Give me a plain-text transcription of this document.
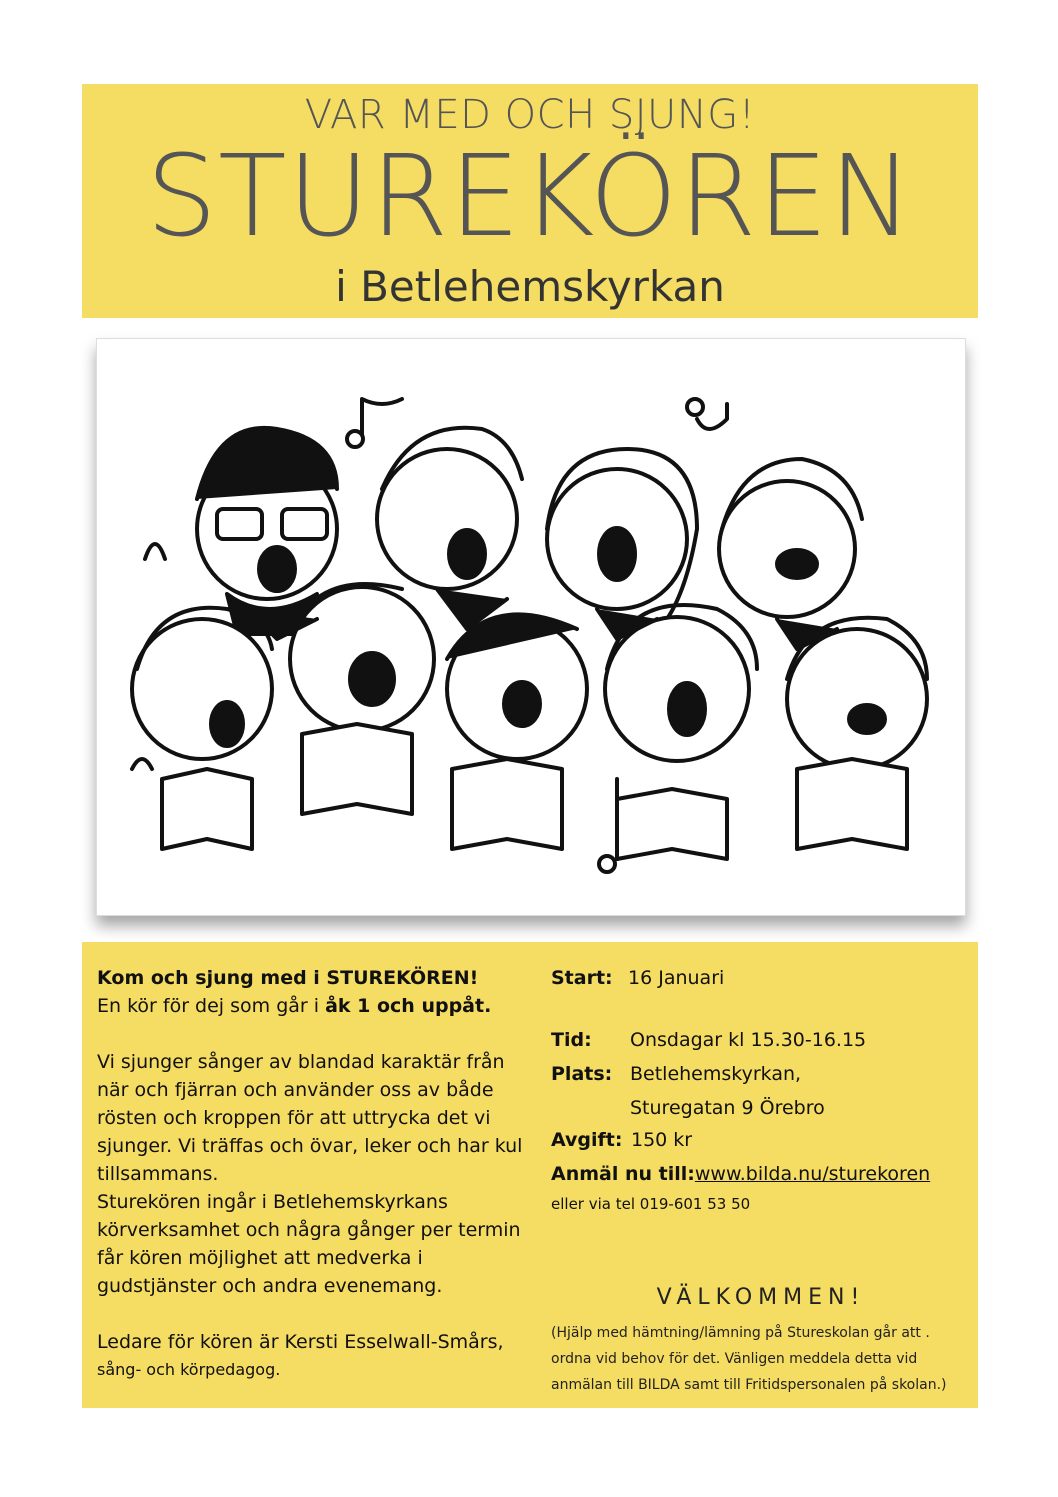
VAR MED OCH SJUNG!
STUREKÖREN
i Betlehemskyrkan

Kom och sjung med i STUREKÖREN!

En kör för dej som går i åk 1 och uppåt.

Vi sjunger sånger av blandad karaktär från när och fjärran och använder oss av både rösten och kroppen för att uttrycka det vi sjunger. Vi träffas och övar, leker och har kul tillsammans.

Sturekören ingår i Betlehemskyrkans körverksamhet och några gånger per termin får kören möjlighet att medverka i gudstjänster och andra evenemang.

Ledare för kören är Kersti Esselwall-Smårs,

sång- och körpedagog.

Start: 16 Januari
Tid: Onsdagar kl 15.30-16.15
Plats: Betlehemskyrkan,
Sturegatan 9 Örebro
Avgift: 150 kr
Anmäl nu till:www.bilda.nu/sturekoren
eller via tel 019-601 53 50
VÄLKOMMEN!
(Hjälp med hämtning/lämning på Stureskolan går att . ordna vid behov för det. Vänligen meddela detta vid anmälan till BILDA samt till Fritidspersonalen på skolan.)
